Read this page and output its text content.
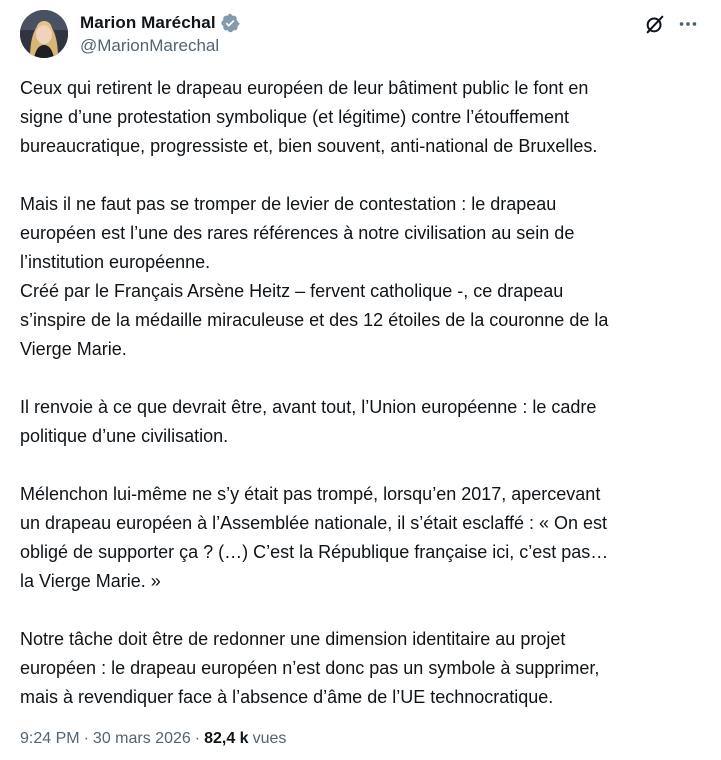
Marion Maréchal
@MarionMarechal

Ceux qui retirent le drapeau européen de leur bâtiment public le font en
signe d’une protestation symbolique (et légitime) contre l’étouffement
bureaucratique, progressiste et, bien souvent, anti-national de Bruxelles.

Mais il ne faut pas se tromper de levier de contestation : le drapeau
européen est l’une des rares références à notre civilisation au sein de
l’institution européenne.
Créé par le Français Arsène Heitz – fervent catholique -, ce drapeau
s’inspire de la médaille miraculeuse et des 12 étoiles de la couronne de la
Vierge Marie.

Il renvoie à ce que devrait être, avant tout, l’Union européenne : le cadre
politique d’une civilisation.

Mélenchon lui-même ne s’y était pas trompé, lorsqu’en 2017, apercevant
un drapeau européen à l’Assemblée nationale, il s’était esclaffé : « On est
obligé de supporter ça ? (…) C’est la République française ici, c’est pas…
la Vierge Marie. »

Notre tâche doit être de redonner une dimension identitaire au projet
européen : le drapeau européen n’est donc pas un symbole à supprimer,
mais à revendiquer face à l’absence d’âme de l’UE technocratique.

9:24 PM · 30 mars 2026 · 82,4 k vues
